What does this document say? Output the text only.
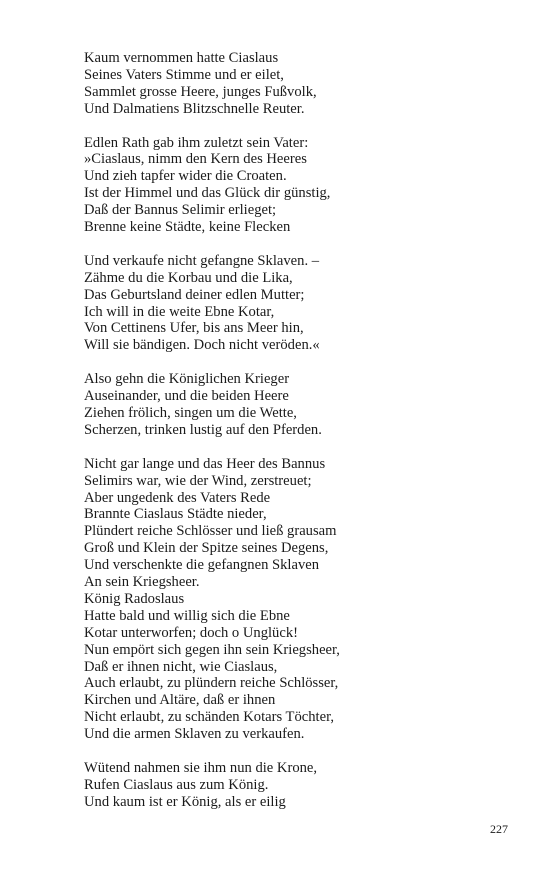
Kaum vernommen hatte Ciaslaus
Seines Vaters Stimme und er eilet,
Sammlet grosse Heere, junges Fußvolk,
Und Dalmatiens Blitzschnelle Reuter.
Edlen Rath gab ihm zuletzt sein Vater:
»Ciaslaus, nimm den Kern des Heeres
Und zieh tapfer wider die Croaten.
Ist der Himmel und das Glück dir günstig,
Daß der Bannus Selimir erlieget;
Brenne keine Städte, keine Flecken
Und verkaufe nicht gefangne Sklaven. –
Zähme du die Korbau und die Lika,
Das Geburtsland deiner edlen Mutter;
Ich will in die weite Ebne Kotar,
Von Cettinens Ufer, bis ans Meer hin,
Will sie bändigen. Doch nicht veröden.«
Also gehn die Königlichen Krieger
Auseinander, und die beiden Heere
Ziehen frölich, singen um die Wette,
Scherzen, trinken lustig auf den Pferden.
Nicht gar lange und das Heer des Bannus
Selimirs war, wie der Wind, zerstreuet;
Aber ungedenk des Vaters Rede
Brannte Ciaslaus Städte nieder,
Plündert reiche Schlösser und ließ grausam
Groß und Klein der Spitze seines Degens,
Und verschenkte die gefangnen Sklaven
An sein Kriegsheer.
König Radoslaus
Hatte bald und willig sich die Ebne
Kotar unterworfen; doch o Unglück!
Nun empört sich gegen ihn sein Kriegsheer,
Daß er ihnen nicht, wie Ciaslaus,
Auch erlaubt, zu plündern reiche Schlösser,
Kirchen und Altäre, daß er ihnen
Nicht erlaubt, zu schänden Kotars Töchter,
Und die armen Sklaven zu verkaufen.
Wütend nahmen sie ihm nun die Krone,
Rufen Ciaslaus aus zum König.
Und kaum ist er König, als er eilig
227
